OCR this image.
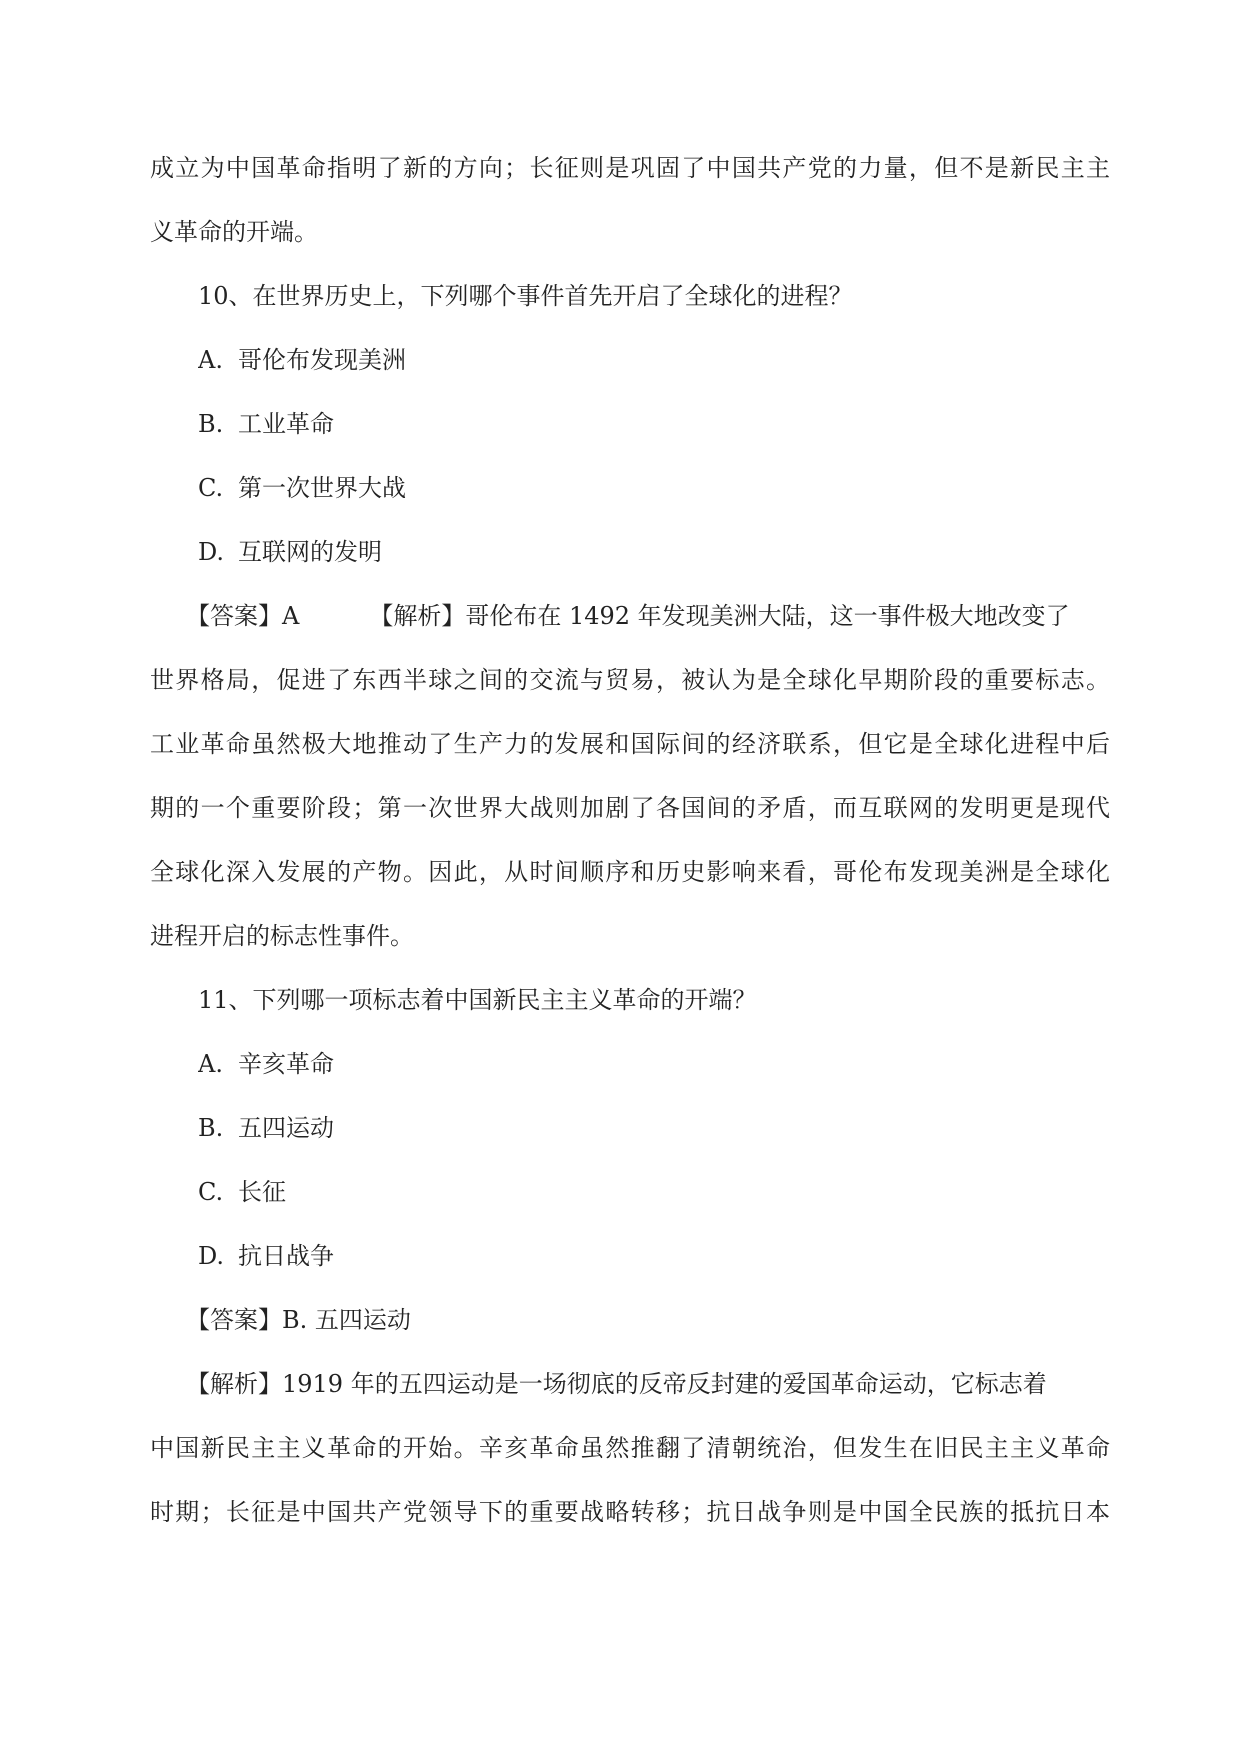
成立为中国革命指明了新的方向；长征则是巩固了中国共产党的力量，但不是新民主主
义革命的开端。
10、在世界历史上，下列哪个事件首先开启了全球化的进程？
A. 哥伦布发现美洲
B. 工业革命
C. 第一次世界大战
D. 互联网的发明
【答案】A	【解析】哥伦布在 1492 年发现美洲大陆，这一事件极大地改变了
世界格局，促进了东西半球之间的交流与贸易，被认为是全球化早期阶段的重要标志。
工业革命虽然极大地推动了生产力的发展和国际间的经济联系，但它是全球化进程中后
期的一个重要阶段；第一次世界大战则加剧了各国间的矛盾，而互联网的发明更是现代
全球化深入发展的产物。因此，从时间顺序和历史影响来看，哥伦布发现美洲是全球化
进程开启的标志性事件。
11、下列哪一项标志着中国新民主主义革命的开端？
A. 辛亥革命
B. 五四运动
C. 长征
D. 抗日战争
【答案】B. 五四运动
【解析】1919 年的五四运动是一场彻底的反帝反封建的爱国革命运动，它标志着
中国新民主主义革命的开始。辛亥革命虽然推翻了清朝统治，但发生在旧民主主义革命
时期；长征是中国共产党领导下的重要战略转移；抗日战争则是中国全民族的抵抗日本
